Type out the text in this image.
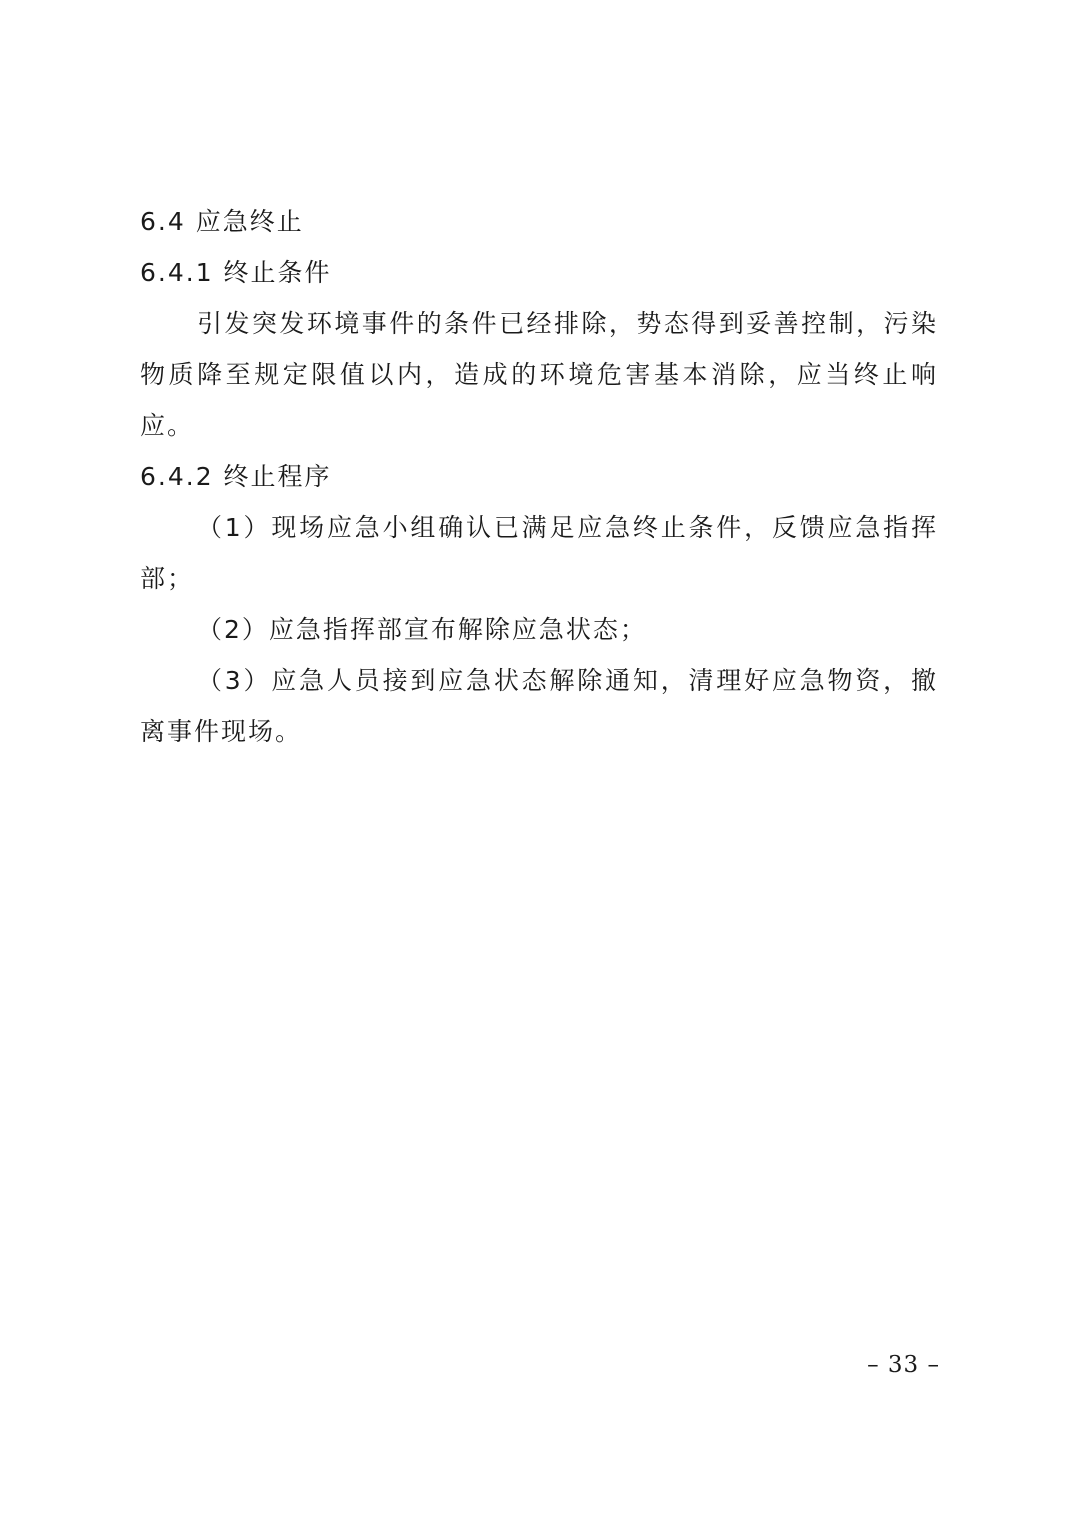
6.4 应急终止

6.4.1 终止条件

引发突发环境事件的条件已经排除，势态得到妥善控制，污染物质降至规定限值以内，造成的环境危害基本消除，应当终止响应。

6.4.2 终止程序

（1）现场应急小组确认已满足应急终止条件，反馈应急指挥部；

（2）应急指挥部宣布解除应急状态；

（3）应急人员接到应急状态解除通知，清理好应急物资，撤离事件现场。

– 33 –
